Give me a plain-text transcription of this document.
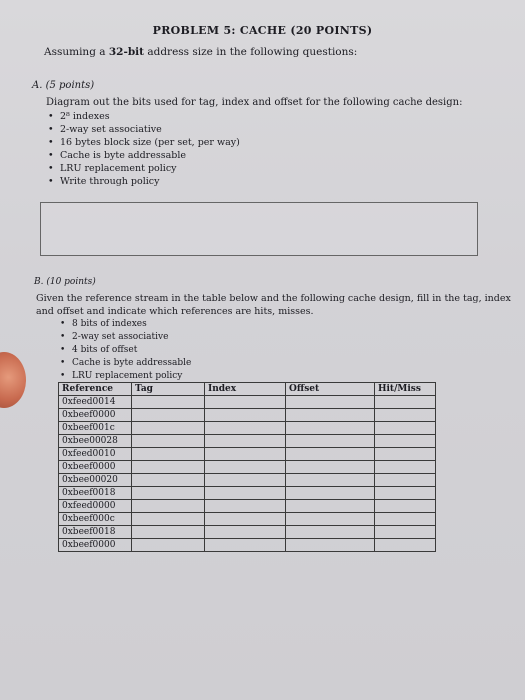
PROBLEM 5: CACHE (20 POINTS)
Assuming a 32-bit address size in the following questions:
A. (5 points)
Diagram out the bits used for tag, index and offset for the following cache design:
• 2⁸ indexes
• 2-way set associative
• 16 bytes block size (per set, per way)
• Cache is byte addressable
• LRU replacement policy
• Write through policy
B. (10 points)
Given the reference stream in the table below and the following cache design, fill in the tag, index and offset and indicate which references are hits, misses.
• 8 bits of indexes
• 2-way set associative
• 4 bits of offset
• Cache is byte addressable
• LRU replacement policy
Reference	Tag	Index	Offset	Hit/Miss
0xfeed0014				
0xbeef0000				
0xbeef001c				
0xbee00028				
0xfeed0010				
0xbeef0000				
0xbee00020				
0xbeef0018				
0xfeed0000				
0xbeef000c				
0xbeef0018				
0xbeef0000				
